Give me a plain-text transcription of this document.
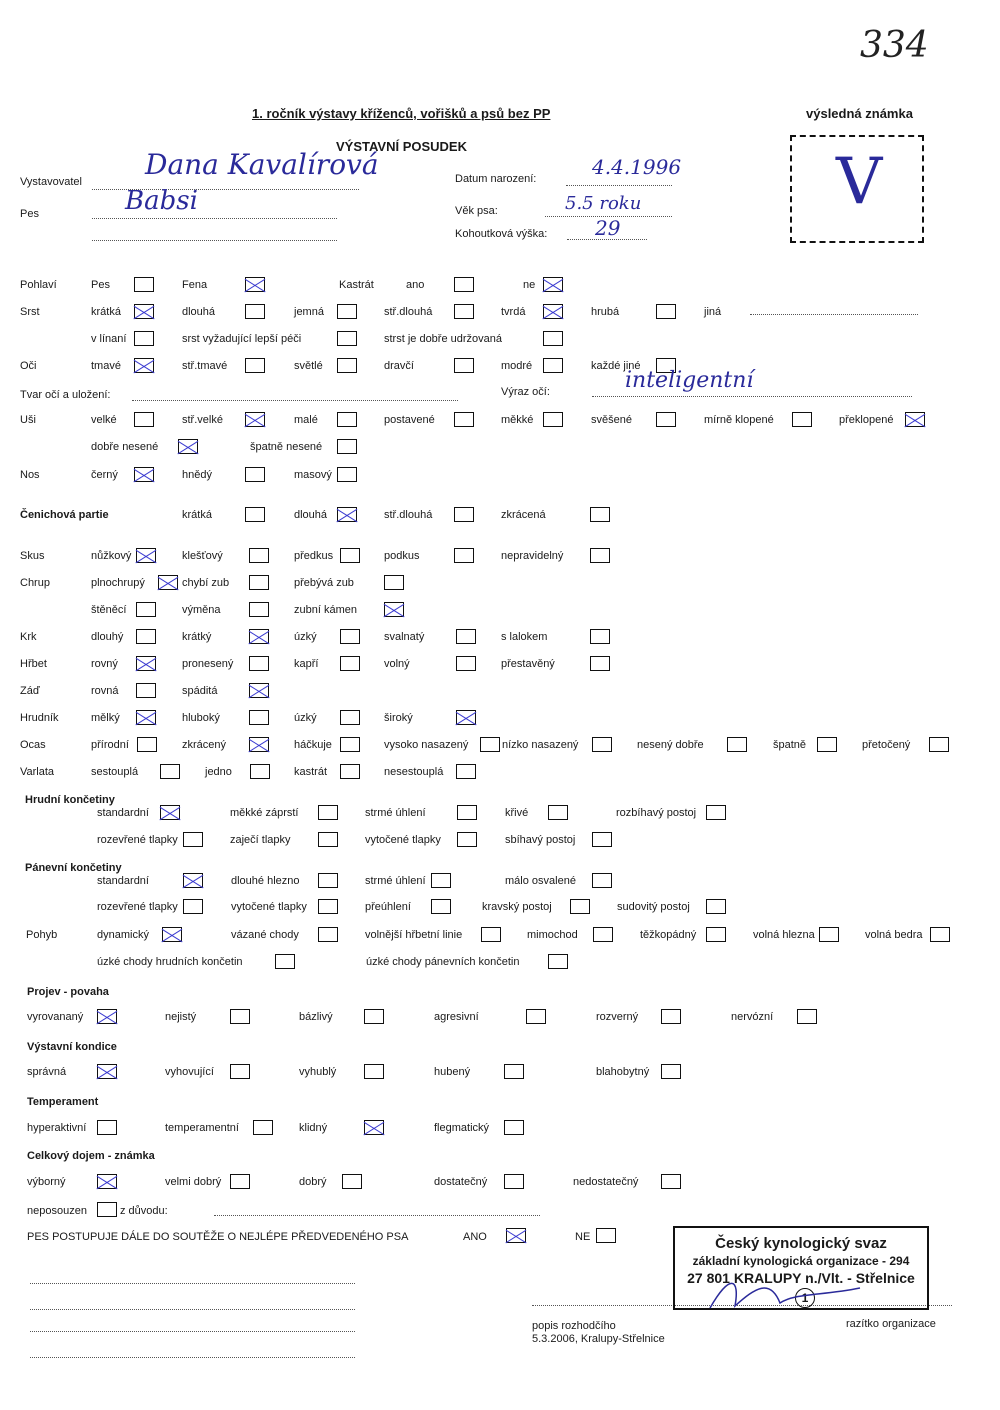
334
1. ročník výstavy kříženců, vořišků a psů bez PP
VÝSTAVNÍ POSUDEK
výsledná známka
V
Vystavovatel
Dana Kavalírová
Pes	Babsi
Datum narození:	4.4.1996
Věk psa:	5.5 roku
Kohoutková výška: 29
Pohlaví	Pes	Fena	Kastrát	ano	ne
Srst	krátká	dlouhá	jemná	stř.dlouhá	tvrdá	hrubá	jiná
v línaní	srst vyžadující lepší péči	strst je dobře udržovaná
Oči	tmavé	stř.tmavé	světlé	dravčí	modré	každé jiné
Uši	velké	stř.velké	malé	postavené	měkké	svěšené	mírně klopené	překlopené
dobře nesené	špatně nesené
Nos	černý	hnědý	masový
Čenichová partie	krátká	dlouhá	stř.dlouhá	zkrácená
Skus	nůžkový	klešťový	předkus	podkus	nepravidelný
Chrup	plnochrupý	chybí zub	přebývá zub
štěněcí	výměna	zubní kámen
Krk	dlouhý	krátký	úzký	svalnatý	s lalokem
Hřbet	rovný	pronesený	kapří	volný	přestavěný
Záď	rovná	spáditá
Hrudník	mělký	hluboký	úzký	široký
Ocas	přírodní	zkrácený	háčkuje	vysoko nasazený	nízko nasazený	nesený dobře	špatně	přetočený
Varlata	sestouplá	jedno	kastrát	nesestouplá
Hrudní končetiny
standardní	měkké záprstí	strmé úhlení	křivé	rozbíhavý postoj
rozevřené tlapky	zaječí tlapky	vytočené tlapky	sbíhavý postoj
Pánevní končetiny
standardní	dlouhé hlezno	strmé úhlení	málo osvalené
rozevřené tlapky	vytočené tlapky	přeúhlení	kravský postoj	sudovitý postoj
Pohyb	dynamický	vázané chody	volnější hřbetní linie	mimochod	těžkopádný	volná hlezna	volná bedra
úzké chody hrudních končetin	úzké chody pánevních končetin
Projev - povaha
vyrovananý	nejistý	bázlivý	agresivní	rozverný	nervózní
Výstavní kondice
správná	vyhovující	vyhublý	hubený	blahobytný
Temperament
hyperaktivní	temperamentní	klidný	flegmatický
Celkový dojem - známka
výborný	velmi dobrý	dobrý	dostatečný	nedostatečný
Tvar očí a uložení:	Výraz očí:	inteligentní
neposouzen	z důvodu:
PES POSTUPUJE DÁLE DO SOUTĚŽE O NEJLÉPE PŘEDVEDENÉHO PSA	ANO	NE
popis rozhodčího
5.3.2006, Kralupy-Střelnice
razítko organizace
Český kynologický svaz
základní kynologická organizace - 294
27 801 KRALUPY n./Vlt. - Střelnice
1
